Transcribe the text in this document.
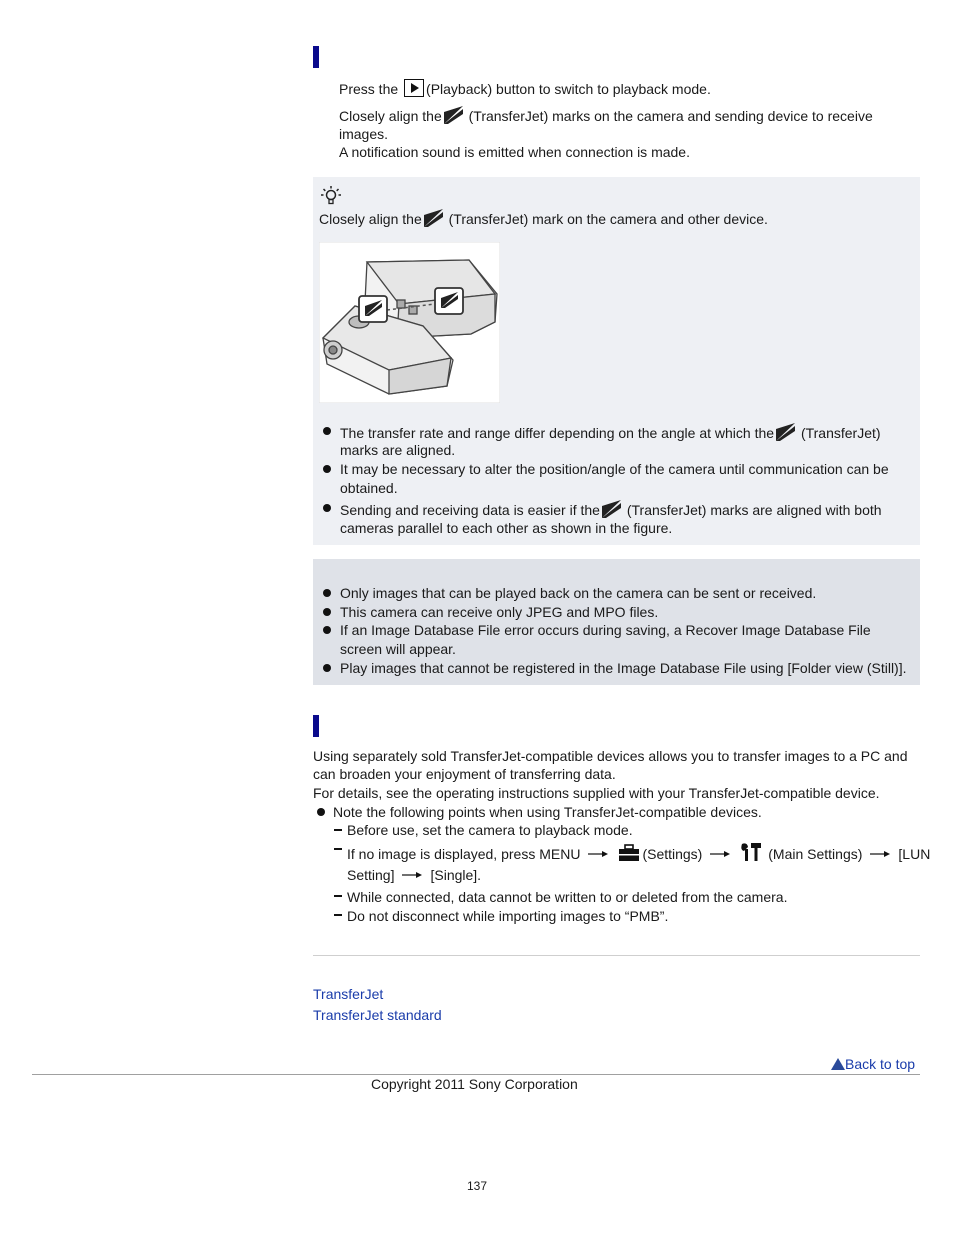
Press the (Playback) button to switch to playback mode.
Closely align the (TransferJet) marks on the camera and sending device to receive
images.
A notification sound is emitted when connection is made.
Closely align the (TransferJet) mark on the camera and other device.
The transfer rate and range differ depending on the angle at which the (TransferJet)
marks are aligned.
It may be necessary to alter the position/angle of the camera until communication can be
obtained.
Sending and receiving data is easier if the (TransferJet) marks are aligned with both
cameras parallel to each other as shown in the figure.
Only images that can be played back on the camera can be sent or received.
This camera can receive only JPEG and MPO files.
If an Image Database File error occurs during saving, a Recover Image Database File
screen will appear.
Play images that cannot be registered in the Image Database File using [Folder view (Still)].
Using separately sold TransferJet-compatible devices allows you to transfer images to a PC and
can broaden your enjoyment of transferring data.
For details, see the operating instructions supplied with your TransferJet-compatible device.
Note the following points when using TransferJet-compatible devices.
Before use, set the camera to playback mode.
If no image is displayed, press MENU	(Settings)	(Main Settings)	[LUN
Setting]	[Single].
While connected, data cannot be written to or deleted from the camera.
Do not disconnect while importing images to “PMB”.
TransferJet
TransferJet standard
Back to top
Copyright 2011 Sony Corporation
137
